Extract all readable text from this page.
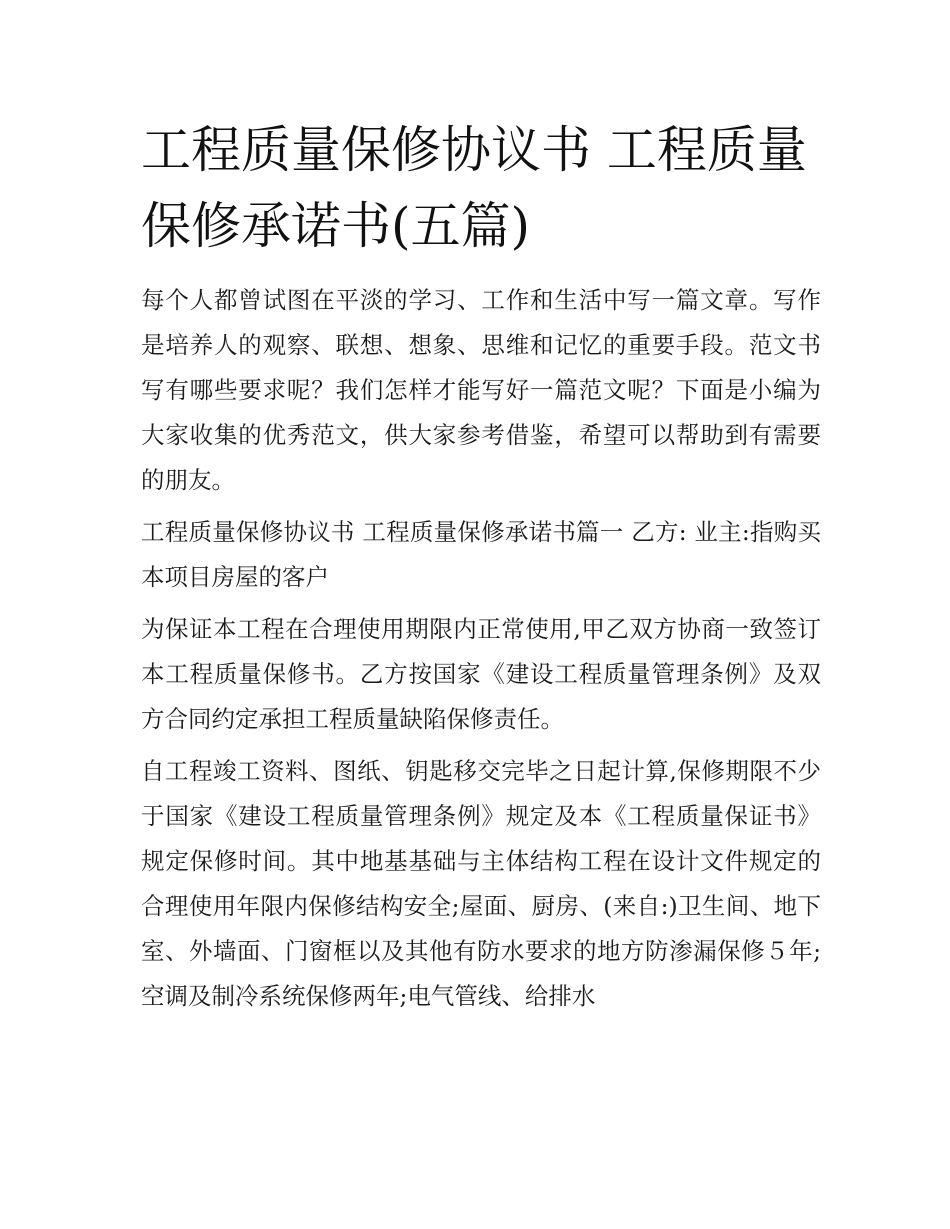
工程质量保修协议书 工程质量保修承诺书(五篇)

每个人都曾试图在平淡的学习、工作和生活中写一篇文章。写作是培养人的观察、联想、想象、思维和记忆的重要手段。范文书写有哪些要求呢？我们怎样才能写好一篇范文呢？下面是小编为大家收集的优秀范文，供大家参考借鉴，希望可以帮助到有需要的朋友。

工程质量保修协议书 工程质量保修承诺书篇一 乙方: 业主:指购买本项目房屋的客户

为保证本工程在合理使用期限内正常使用,甲乙双方协商一致签订本工程质量保修书。乙方按国家《建设工程质量管理条例》及双方合同约定承担工程质量缺陷保修责任。

自工程竣工资料、图纸、钥匙移交完毕之日起计算,保修期限不少于国家《建设工程质量管理条例》规定及本《工程质量保证书》规定保修时间。其中地基基础与主体结构工程在设计文件规定的合理使用年限内保修结构安全;屋面、厨房、(来自:)卫生间、地下室、外墙面、门窗框以及其他有防水要求的地方防渗漏保修５年;空调及制冷系统保修两年;电气管线、给排水
